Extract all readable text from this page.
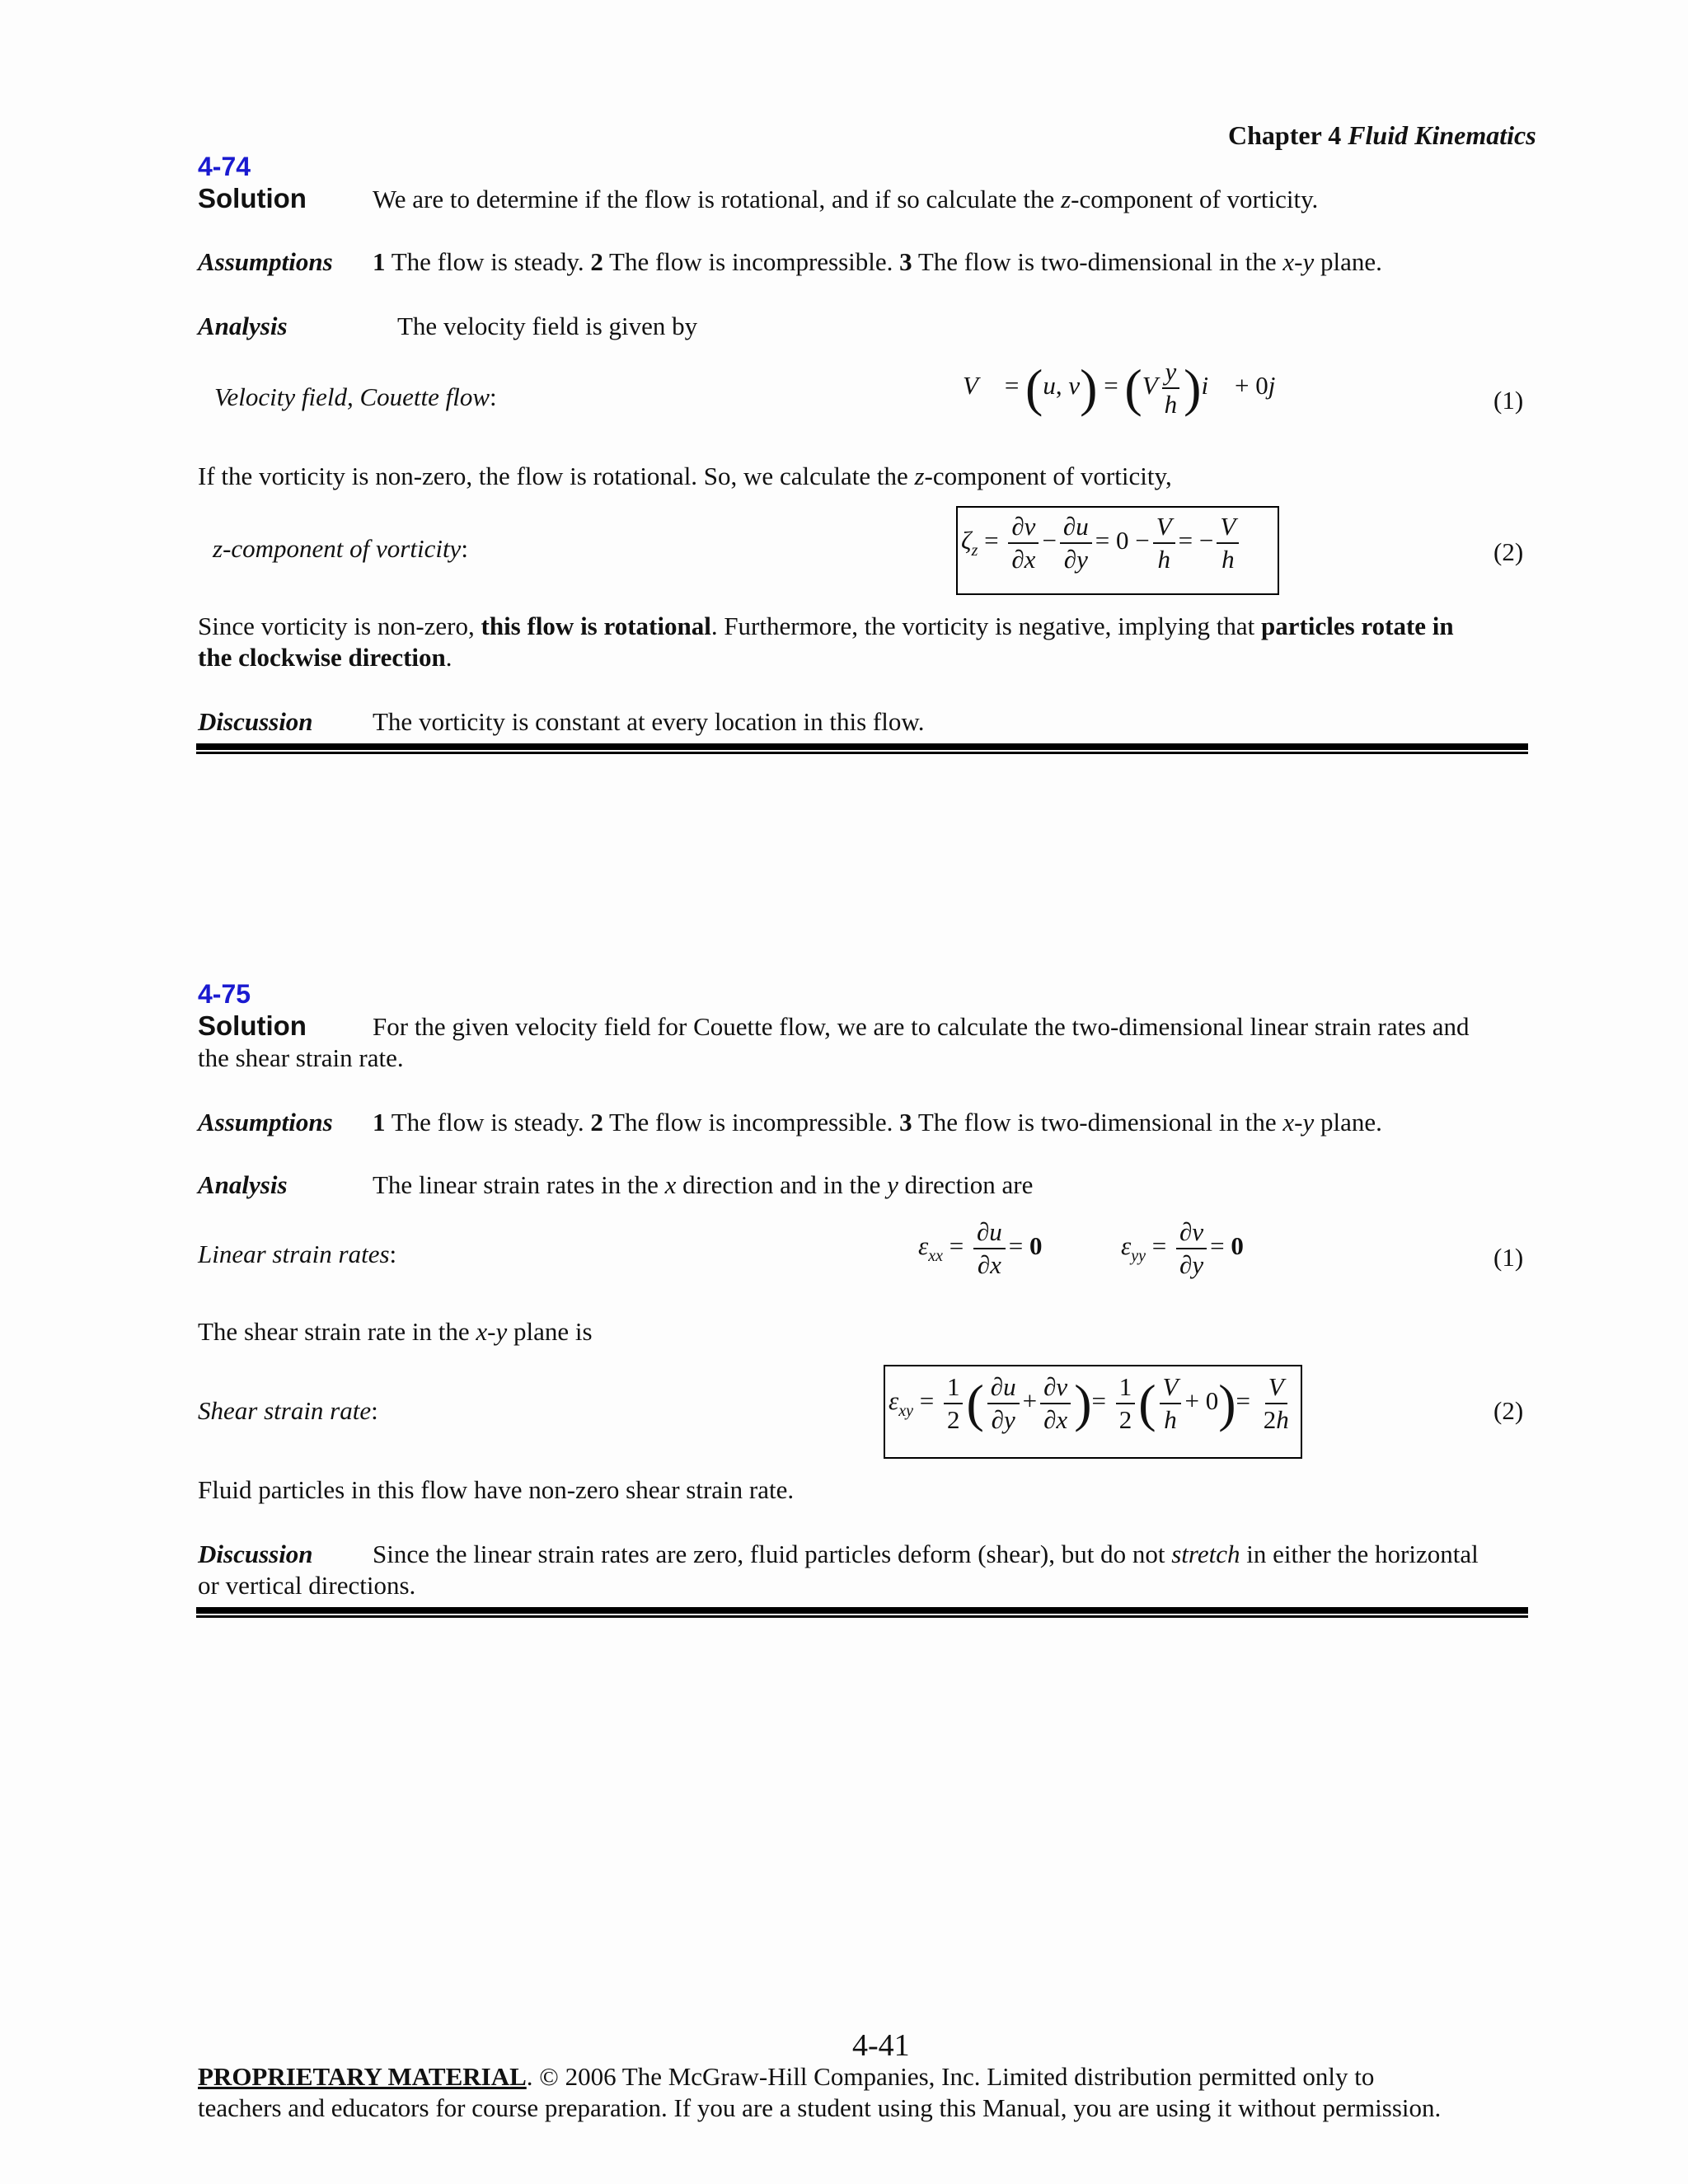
Chapter 4 Fluid Kinematics
4-74
Solution	We are to determine if the flow is rotational, and if so calculate the z-component of vorticity.
Assumptions 1 The flow is steady. 2 The flow is incompressible. 3 The flow is two-dimensional in the x-y plane.
Analysis	The velocity field is given by
Velocity field, Couette flow:	V⃗ = (u, $v) = (V \frac{y}{h}$ )i⃗ + 0j⃗
(1)
If the vorticity is non-zero, the flow is rotational. So, we calculate the z-component of vorticity,
z-component of vorticity:	$\zeta_z = \frac{\partial v}{\partial x} - \frac{\partial u}{\partial y} = 0 - \frac{V}{h}$ = − $\frac{V}{h}$	(2)
Since vorticity is non-zero, this flow is rotational. Furthermore, the vorticity is negative, implying that particles rotate in
the clockwise direction.
Discussion The vorticity is constant at every location in this flow.
4-75
Solution	For the given velocity field for Couette flow, we are to calculate the two-dimensional linear strain rates and
the shear strain rate.
Assumptions 1 The flow is steady. 2 The flow is incompressible. 3 The flow is two-dimensional in the x-y plane.
Analysis	The linear strain rates in the x direction and in the y direction are
Linear strain rates:	$\varepsilon_{xx} = \frac{\partial u}{\partial x} = 0$	$\varepsilon_{yy} = \frac{\partial v}{\partial y} = 0$	(1)
The shear strain rate in the x-y plane is
Shear strain rate:	$\varepsilon_{xy} = \frac{1}{2}$ ( $\frac{\partial u}{\partial y} + \frac{\partial v}{\partial x}$ )= $\frac{1}{2}$ ( $\frac{V}{h} + 0)= \frac{V}{2h}$	(2)
Fluid particles in this flow have non-zero shear strain rate.
Discussion Since the linear strain rates are zero, fluid particles deform (shear), but do not stretch in either the horizontal
or vertical directions.
4-41
PROPRIETARY MATERIAL. © 2006 The McGraw-Hill Companies, Inc. Limited distribution permitted only to
teachers and educators for course preparation. If you are a student using this Manual, you are using it without permission.
